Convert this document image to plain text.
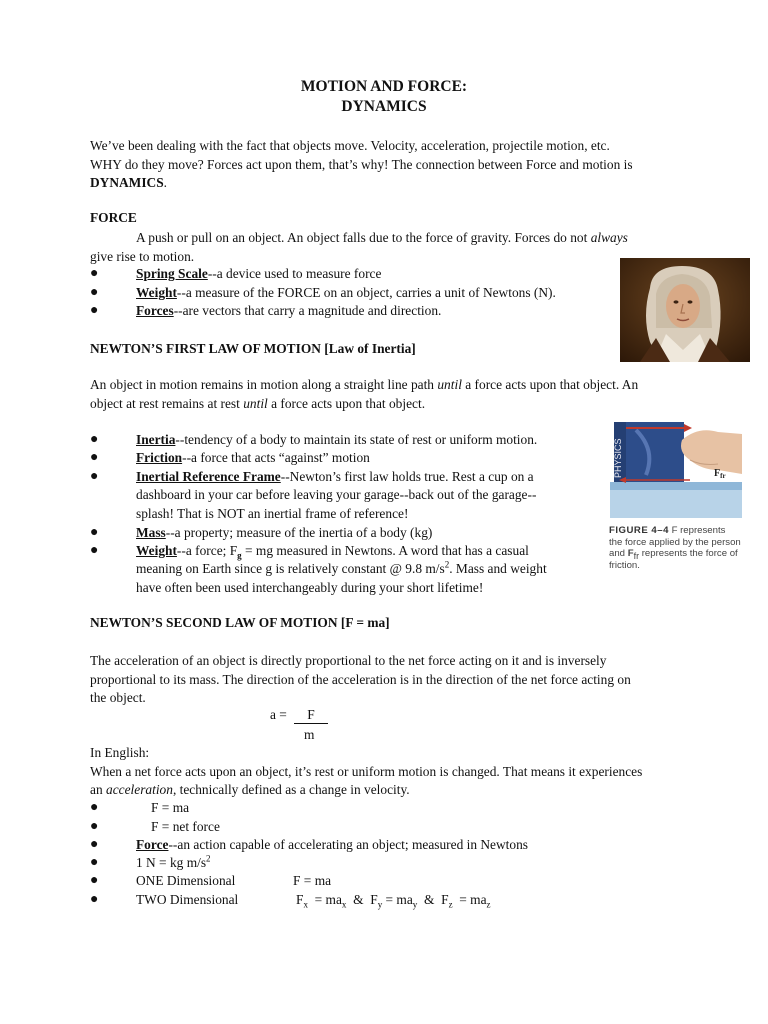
MOTION AND FORCE:
DYNAMICS
We’ve been dealing with the fact that objects move. Velocity, acceleration, projectile motion, etc.
WHY do they move? Forces act upon them, that’s why! The connection between Force and motion is
DYNAMICS.
FORCE
A push or pull on an object. An object falls due to the force of gravity. Forces do not always
give rise to motion.
●	Spring Scale--a device used to measure force
●	Weight--a measure of the FORCE on an object, carries a unit of Newtons (N).
●	Forces--are vectors that carry a magnitude and direction.
NEWTON’S FIRST LAW OF MOTION [Law of Inertia]
An object in motion remains in motion along a straight line path until a force acts upon that object. An
object at rest remains at rest until a force acts upon that object.
●	Inertia--tendency of a body to maintain its state of rest or uniform motion.
●	Friction--a force that acts “against” motion
●	Inertial Reference Frame--Newton’s first law holds true. Rest a cup on a
dashboard in your car before leaving your garage--back out of the garage--
splash! That is NOT an inertial frame of reference!
●	Mass--a property; measure of the inertia of a body (kg)
●	Weight--a force; $F_g$ = mg measured in Newtons. A word that has a casual
meaning on Earth since g is relatively constant @ 9.8 $m/s^2$. Mass and weight
have often been used interchangeably during your short lifetime!
PHYSICS	$F_{fr}$
FIGURE 4–4 F represents the force applied by the person and $F_{fr}$ represents the force of friction.
NEWTON’S SECOND LAW OF MOTION [F = ma]
The acceleration of an object is directly proportional to the net force acting on it and is inversely
proportional to its mass. The direction of the acceleration is in the direction of the net force acting on
the object.
a =	F
m
In English:
When a net force acts upon an object, it’s rest or uniform motion is changed. That means it experiences
an acceleration, technically defined as a change in velocity.
●	F = ma
●	F = net force
●	Force--an action capable of accelerating an object; measured in Newtons
●	1 N = kg $m/s^2$
●	ONE Dimensional	F = ma
●	TWO Dimensional	$F_x = ma_x$  &  $F_y = ma_y$  &  $F_z = ma_z$
